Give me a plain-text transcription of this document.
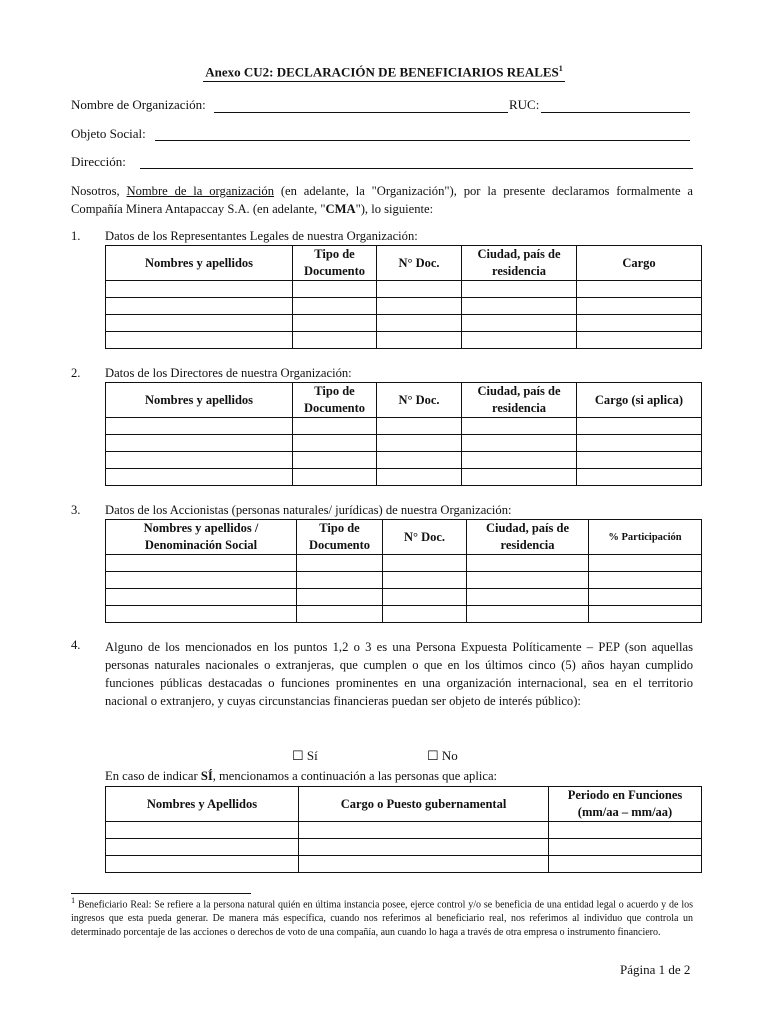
Anexo CU2: DECLARACIÓN DE BENEFICIARIOS REALES$^1$
Nombre de Organización:	RUC:
Objeto Social:
Dirección:
Nosotros, Nombre de la organización (en adelante, la "Organización"), por la presente declaramos formalmente a Compañía Minera Antapaccay S.A. (en adelante, "CMA"), lo siguiente:
1. Datos de los Representantes Legales de nuestra Organización:
Nombres y apellidos	Tipo de Documento	N° Doc.	Ciudad, país de residencia	Cargo

2. Datos de los Directores de nuestra Organización:
Nombres y apellidos	Tipo de Documento	N° Doc.	Ciudad, país de residencia	Cargo (si aplica)

3. Datos de los Accionistas (personas naturales/ jurídicas) de nuestra Organización:
Nombres y apellidos / Denominación Social	Tipo de Documento	N° Doc.	Ciudad, país de residencia	% Participación

4. Alguno de los mencionados en los puntos 1,2 o 3 es una Persona Expuesta Políticamente – PEP (son aquellas personas naturales nacionales o extranjeras, que cumplen o que en los últimos cinco (5) años hayan cumplido funciones públicas destacadas o funciones prominentes en una organización internacional, sea en el territorio nacional o extranjero, y cuyas circunstancias financieras puedan ser objeto de interés público):
☐ Sí	☐ No
En caso de indicar SÍ, mencionamos a continuación a las personas que aplica:
Nombres y Apellidos	Cargo o Puesto gubernamental	Periodo en Funciones (mm/aa – mm/aa)

$^1$ Beneficiario Real: Se refiere a la persona natural quién en última instancia posee, ejerce control y/o se beneficia de una entidad legal o acuerdo y de los ingresos que esta pueda generar. De manera más específica, cuando nos referimos al beneficiario real, nos referimos al individuo que controla un determinado porcentaje de las acciones o derechos de voto de una compañía, aun cuando lo haga a través de otra empresa o instrumento financiero.
Página 1 de 2
